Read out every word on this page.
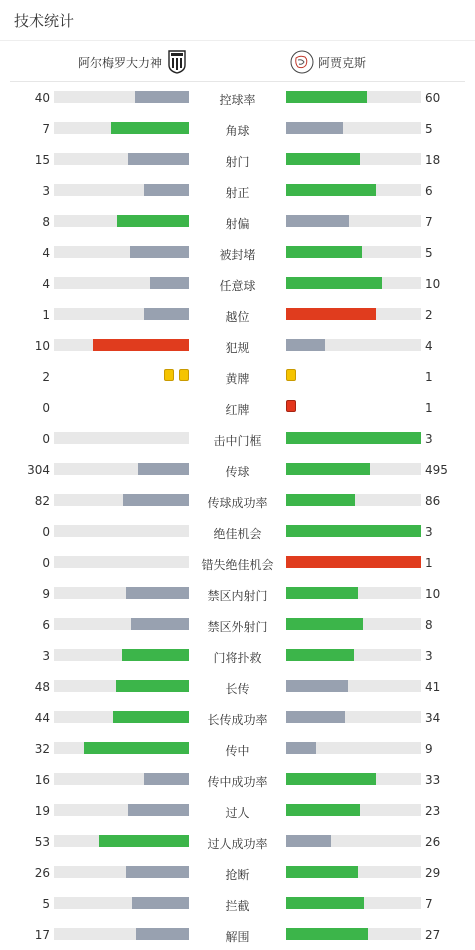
技术统计
阿尔梅罗大力神	阿贾克斯
40	控球率	60
7	角球	5
15	射门	18
3	射正	6
8	射偏	7
4	被封堵	5
4	任意球	10
1	越位	2
10	犯规	4
2	黄牌	1
0	红牌	1
0	击中门框	3
304	传球	495
82	传球成功率	86
0	绝佳机会	3
0	错失绝佳机会	1
9	禁区内射门	10
6	禁区外射门	8
3	门将扑救	3
48	长传	41
44	长传成功率	34
32	传中	9
16	传中成功率	33
19	过人	23
53	过人成功率	26
26	抢断	29
5	拦截	7
17	解围	27
